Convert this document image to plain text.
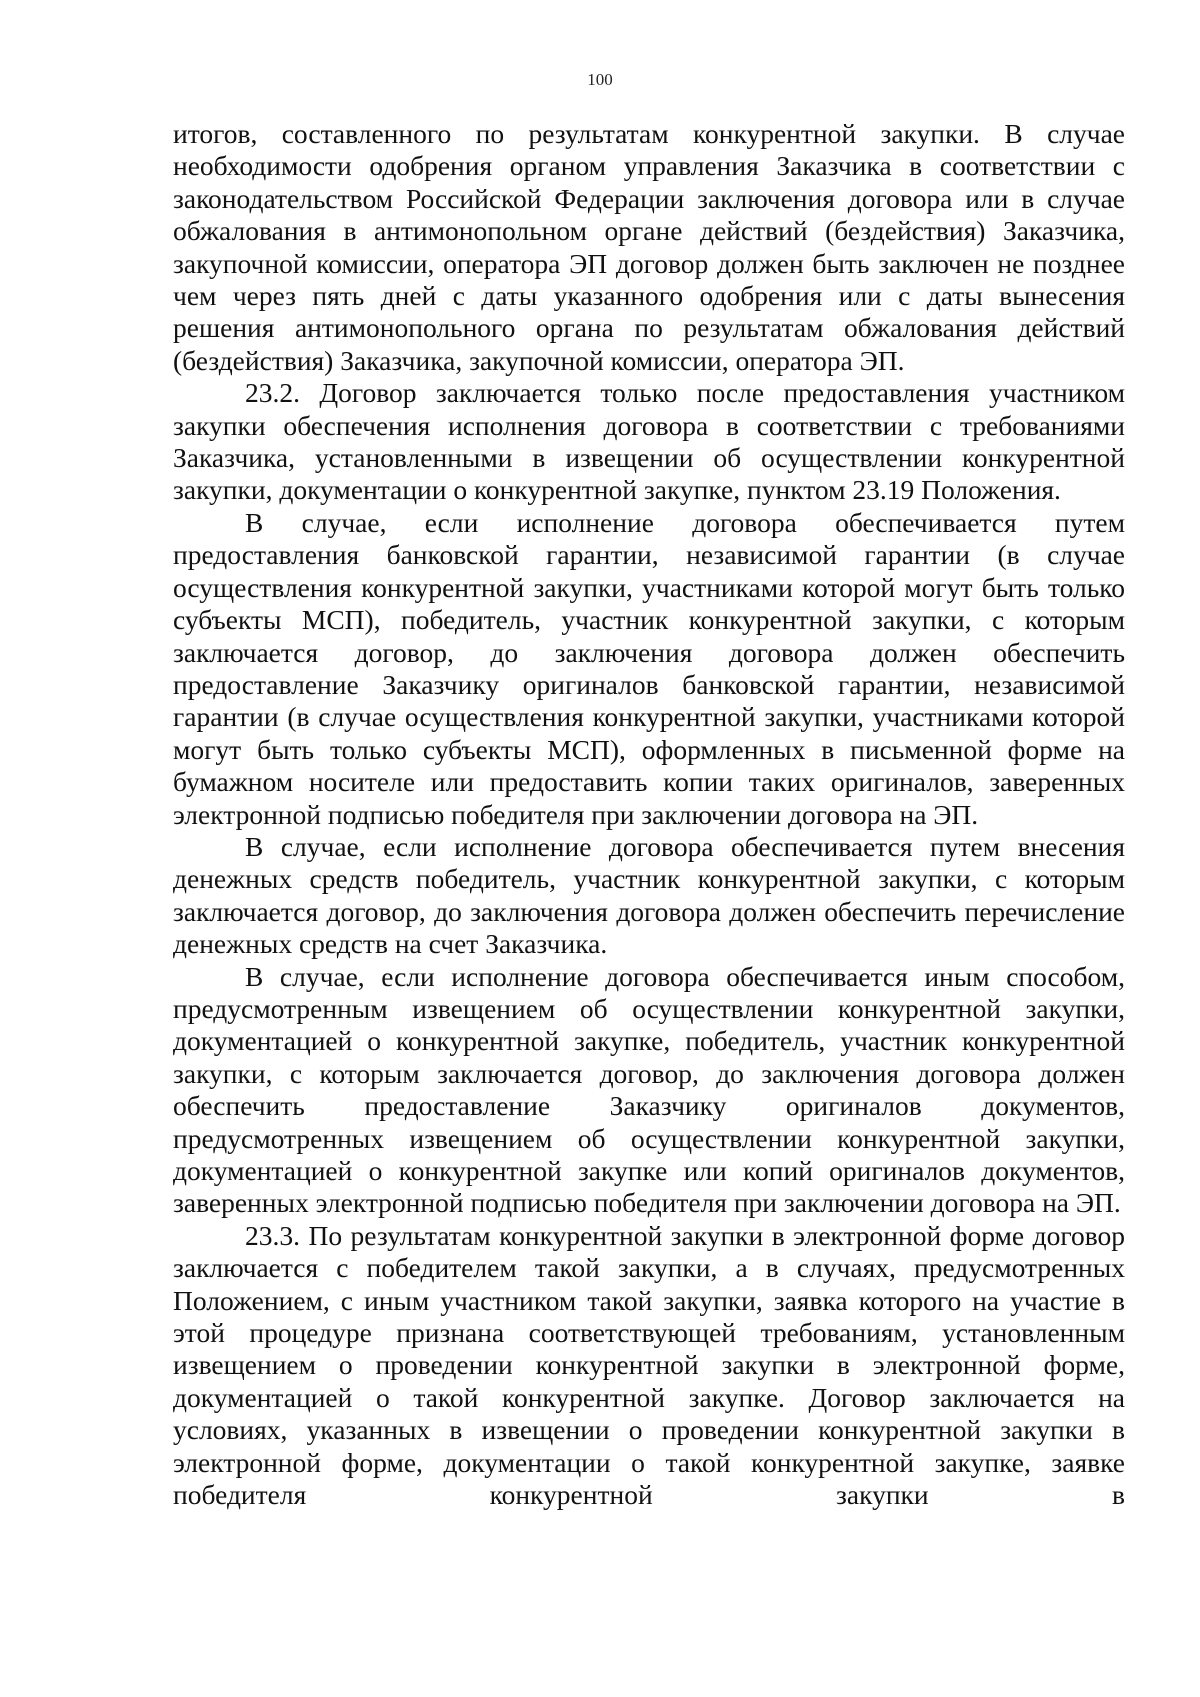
100

итогов, составленного по результатам конкурентной закупки. В случае необходимости одобрения органом управления Заказчика в соответствии с законодательством Российской Федерации заключения договора или в случае обжалования в антимонопольном органе действий (бездействия) Заказчика, закупочной комиссии, оператора ЭП договор должен быть заключен не позднее чем через пять дней с даты указанного одобрения или с даты вынесения решения антимонопольного органа по результатам обжалования действий (бездействия) Заказчика, закупочной комиссии, оператора ЭП.

23.2. Договор заключается только после предоставления участником закупки обеспечения исполнения договора в соответствии с требованиями Заказчика, установленными в извещении об осуществлении конкурентной закупки, документации о конкурентной закупке, пунктом 23.19 Положения.

В случае, если исполнение договора обеспечивается путем предоставления банковской гарантии, независимой гарантии (в случае осуществления конкурентной закупки, участниками которой могут быть только субъекты МСП), победитель, участник конкурентной закупки, с которым заключается договор, до заключения договора должен обеспечить предоставление Заказчику оригиналов банковской гарантии, независимой гарантии (в случае осуществления конкурентной закупки, участниками которой могут быть только субъекты МСП), оформленных в письменной форме на бумажном носителе или предоставить копии таких оригиналов, заверенных электронной подписью победителя при заключении договора на ЭП.

В случае, если исполнение договора обеспечивается путем внесения денежных средств победитель, участник конкурентной закупки, с которым заключается договор, до заключения договора должен обеспечить перечисление денежных средств на счет Заказчика.

В случае, если исполнение договора обеспечивается иным способом, предусмотренным извещением об осуществлении конкурентной закупки, документацией о конкурентной закупке, победитель, участник конкурентной закупки, с которым заключается договор, до заключения договора должен обеспечить предоставление Заказчику оригиналов документов, предусмотренных извещением об осуществлении конкурентной закупки, документацией о конкурентной закупке или копий оригиналов документов, заверенных электронной подписью победителя при заключении договора на ЭП.

23.3. По результатам конкурентной закупки в электронной форме договор заключается с победителем такой закупки, а в случаях, предусмотренных Положением, с иным участником такой закупки, заявка которого на участие в этой процедуре признана соответствующей требованиям, установленным извещением о проведении конкурентной закупки в электронной форме, документацией о такой конкурентной закупке. Договор заключается на условиях, указанных в извещении о проведении конкурентной закупки в электронной форме, документации о такой конкурентной закупке, заявке победителя конкурентной закупки в
